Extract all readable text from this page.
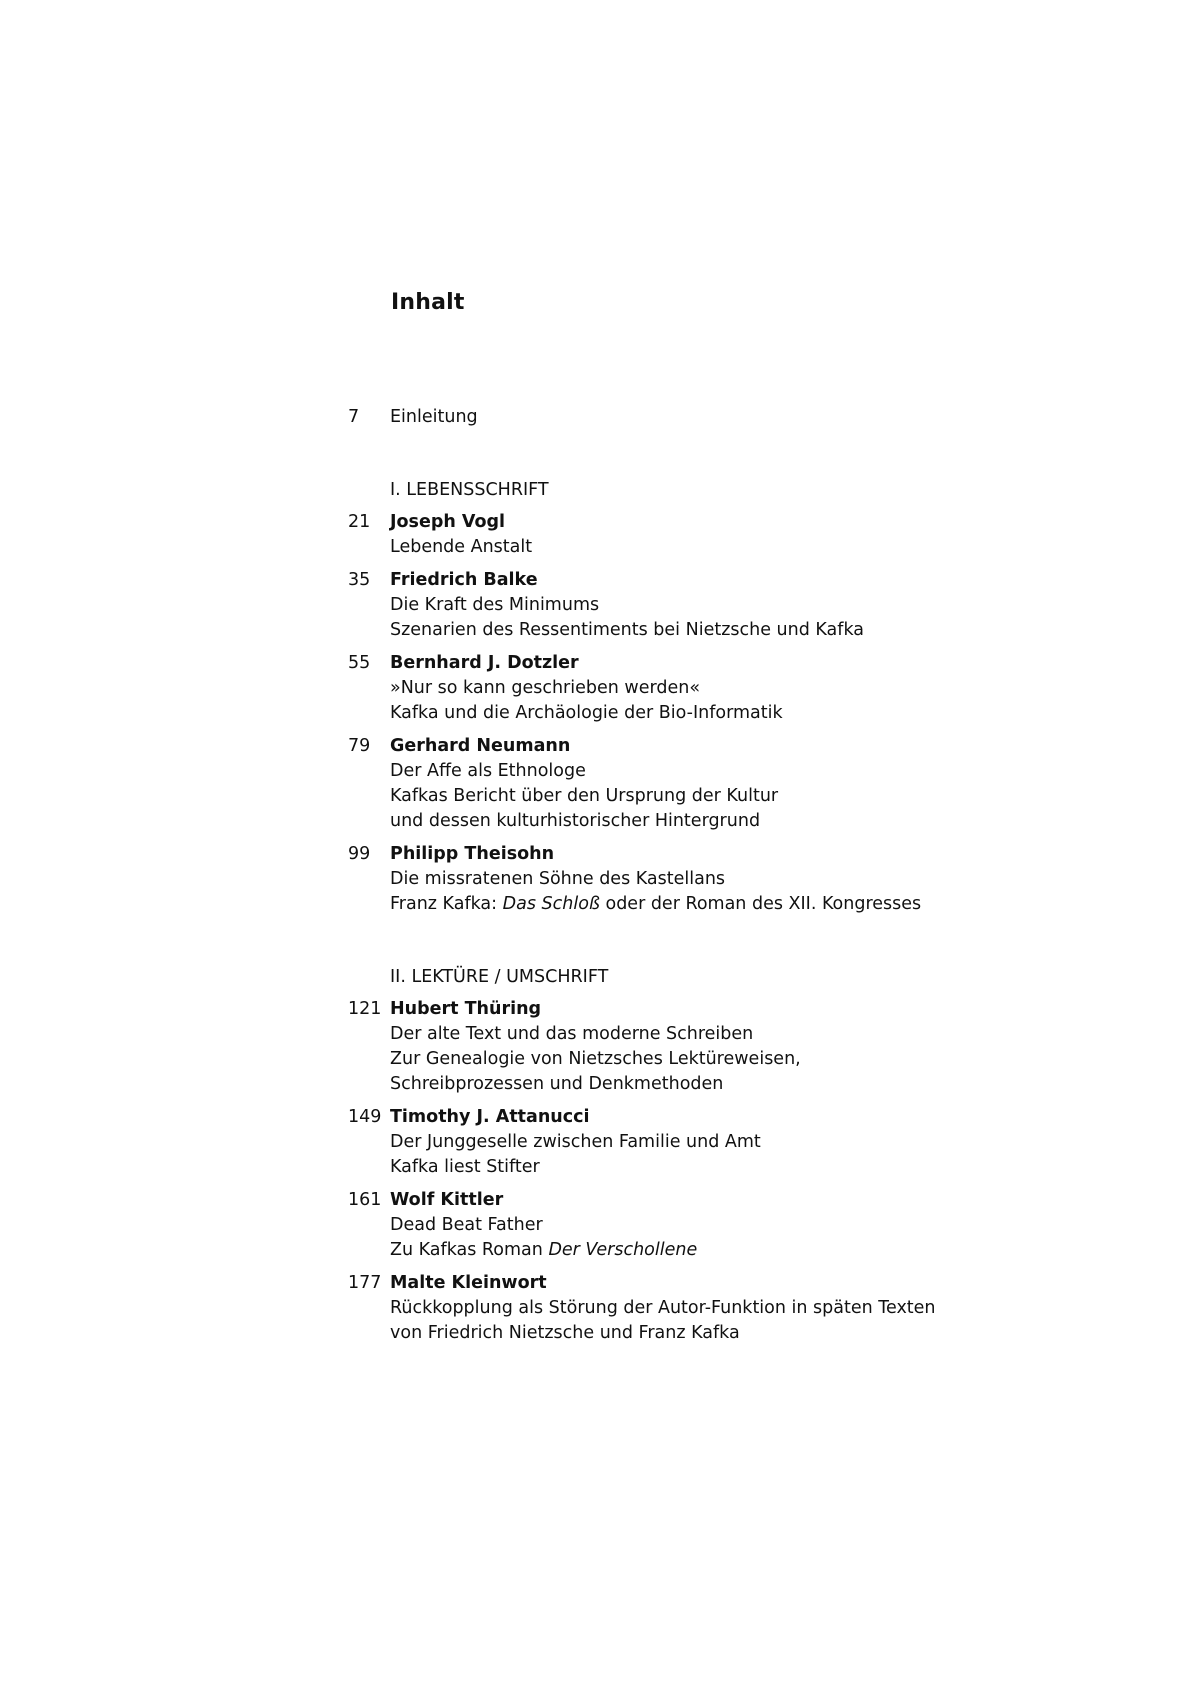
Inhalt
7	Einleitung
I. LEBENSSCHRIFT
21	Joseph Vogl
Lebende Anstalt
35	Friedrich Balke
Die Kraft des Minimums
Szenarien des Ressentiments bei Nietzsche und Kafka
55	Bernhard J. Dotzler
»Nur so kann geschrieben werden«
Kafka und die Archäologie der Bio-Informatik
79	Gerhard Neumann
Der Affe als Ethnologe
Kafkas Bericht über den Ursprung der Kultur
und dessen kulturhistorischer Hintergrund
99	Philipp Theisohn
Die missratenen Söhne des Kastellans
Franz Kafka: Das Schloß oder der Roman des XII. Kongresses
II. LEKTÜRE / UMSCHRIFT
121 Hubert Thüring
Der alte Text und das moderne Schreiben
Zur Genealogie von Nietzsches Lektüreweisen,
Schreibprozessen und Denkmethoden
149 Timothy J. Attanucci
Der Junggeselle zwischen Familie und Amt
Kafka liest Stifter
161 Wolf Kittler
Dead Beat Father
Zu Kafkas Roman Der Verschollene
177 Malte Kleinwort
Rückkopplung als Störung der Autor-Funktion in späten Texten
von Friedrich Nietzsche und Franz Kafka
